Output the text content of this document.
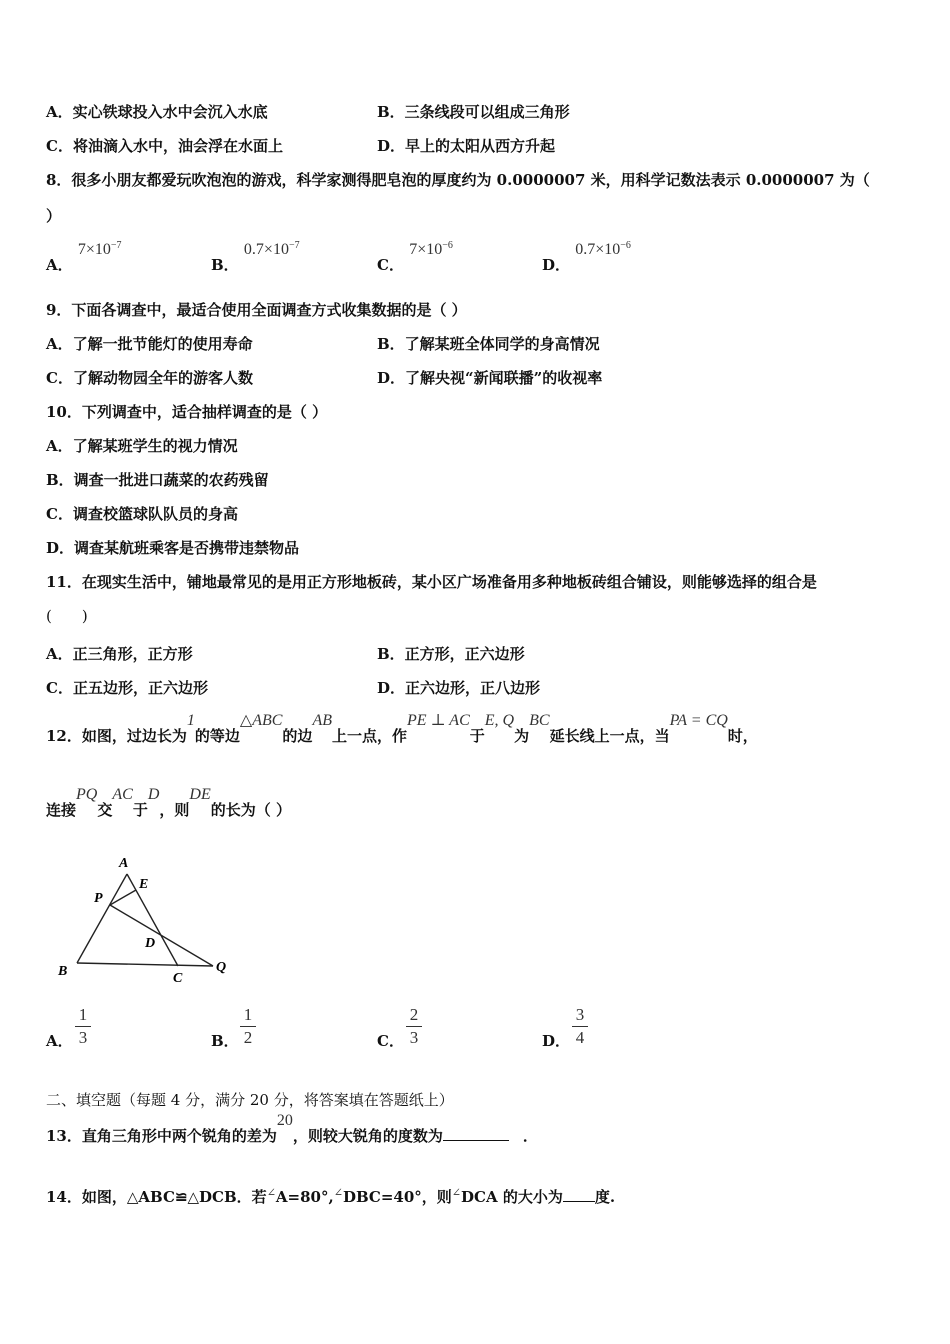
A．实心铁球投入水中会沉入水底	B．三条线段可以组成三角形
C．将油滴入水中，油会浮在水面上	D．早上的太阳从西方升起
8．很多小朋友都爱玩吹泡泡的游戏，科学家测得肥皂泡的厚度约为 0.0000007 米，用科学记数法表示 0.0000007 为（
）
A． $7\times 10^{-7}$
B． $0.7\times 10^{-7}$
C． $7\times 10^{-6}$
D． $0.7\times 10^{-6}$
9．下面各调查中，最适合使用全面调查方式收集数据的是（ ）
A．了解一批节能灯的使用寿命	B．了解某班全体同学的身高情况
C．了解动物园全年的游客人数	D．了解央视“新闻联播”的收视率
10．下列调查中，适合抽样调查的是（ ）
A．了解某班学生的视力情况
B．调查一批进口蔬菜的农药残留
C．调查校篮球队队员的身高
D．调查某航班乘客是否携带违禁物品
11．在现实生活中，铺地最常见的是用正方形地板砖，某小区广场准备用多种地板砖组合铺设，则能够选择的组合是
(　　)
A．正三角形，正方形	B．正方形，正六边形
C．正五边形，正六边形	D．正六边形，正八边形
12．如图，过边长为1的等边△ABC的边AB上一点，作PE ⊥ AC于E, Q为BC延长线上一点，当PA = CQ时，
连接PQ交AC于D，则DE的长为（ ）
A
E
P
D
B	C
Q
A．
1
3	B．
1
2	C．
2
3	D．
3
4
二、填空题（每题 4 分，满分 20 分，将答案填在答题纸上）
13．直角三角形中两个锐角的差为20，则较大锐角的度数为	．
14．如图，△ABC≌△DCB．若∠A=80°,∠DBC=40°，则∠DCA 的大小为 度.
